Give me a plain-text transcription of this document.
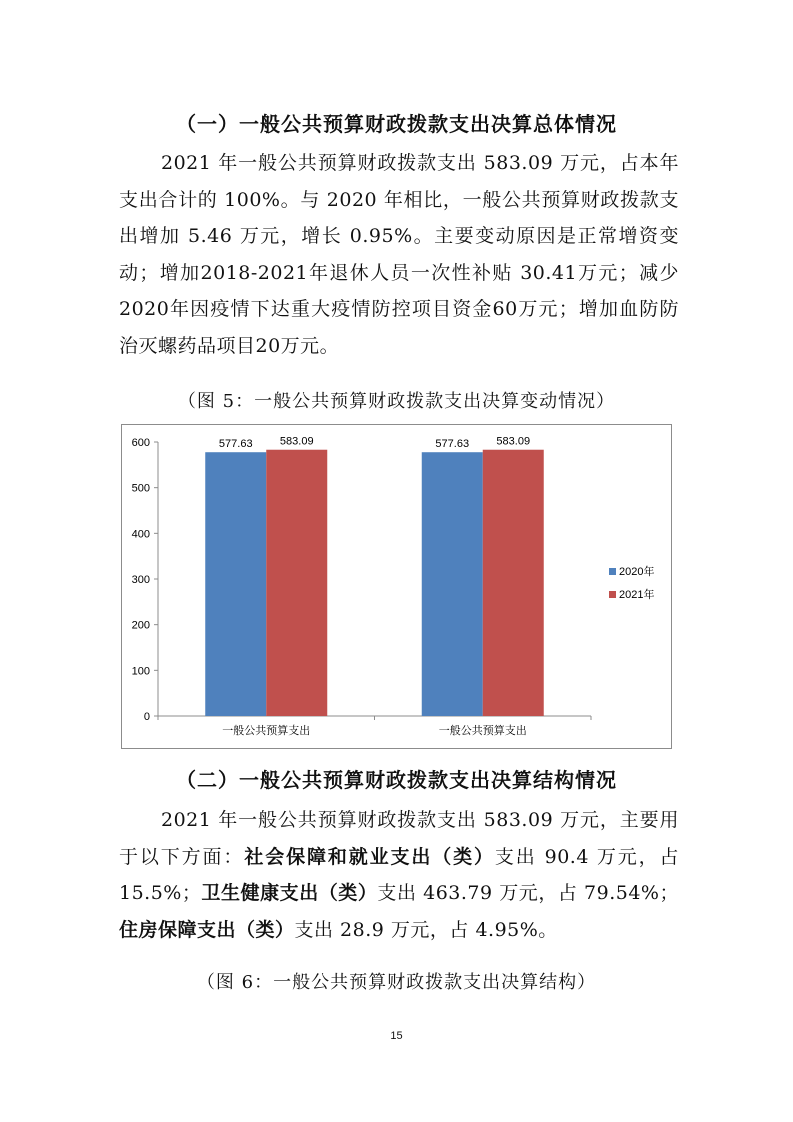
（一）一般公共预算财政拨款支出决算总体情况
2021 年一般公共预算财政拨款支出 583.09 万元，占本年支出合计的 100%。与 2020 年相比，一般公共预算财政拨款支出增加 5.46 万元，增长 0.95%。主要变动原因是正常增资变动；增加2018-2021年退休人员一次性补贴 30.41万元；减少2020年因疫情下达重大疫情防控项目资金60万元；增加血防防治灭螺药品项目20万元。
（图 5：一般公共预算财政拨款支出决算变动情况）
0
100
200
300
400
500
600	577.63 583.09
一般公共预算支出
577.63 583.09
一般公共预算支出
2020年
2021年
（二）一般公共预算财政拨款支出决算结构情况
2021 年一般公共预算财政拨款支出 583.09 万元，主要用于以下方面：社会保障和就业支出（类）支出 90.4 万元，占 15.5%；卫生健康支出（类）支出 463.79 万元，占 79.54%；住房保障支出（类）支出 28.9 万元，占 4.95%。
（图 6：一般公共预算财政拨款支出决算结构）
15
